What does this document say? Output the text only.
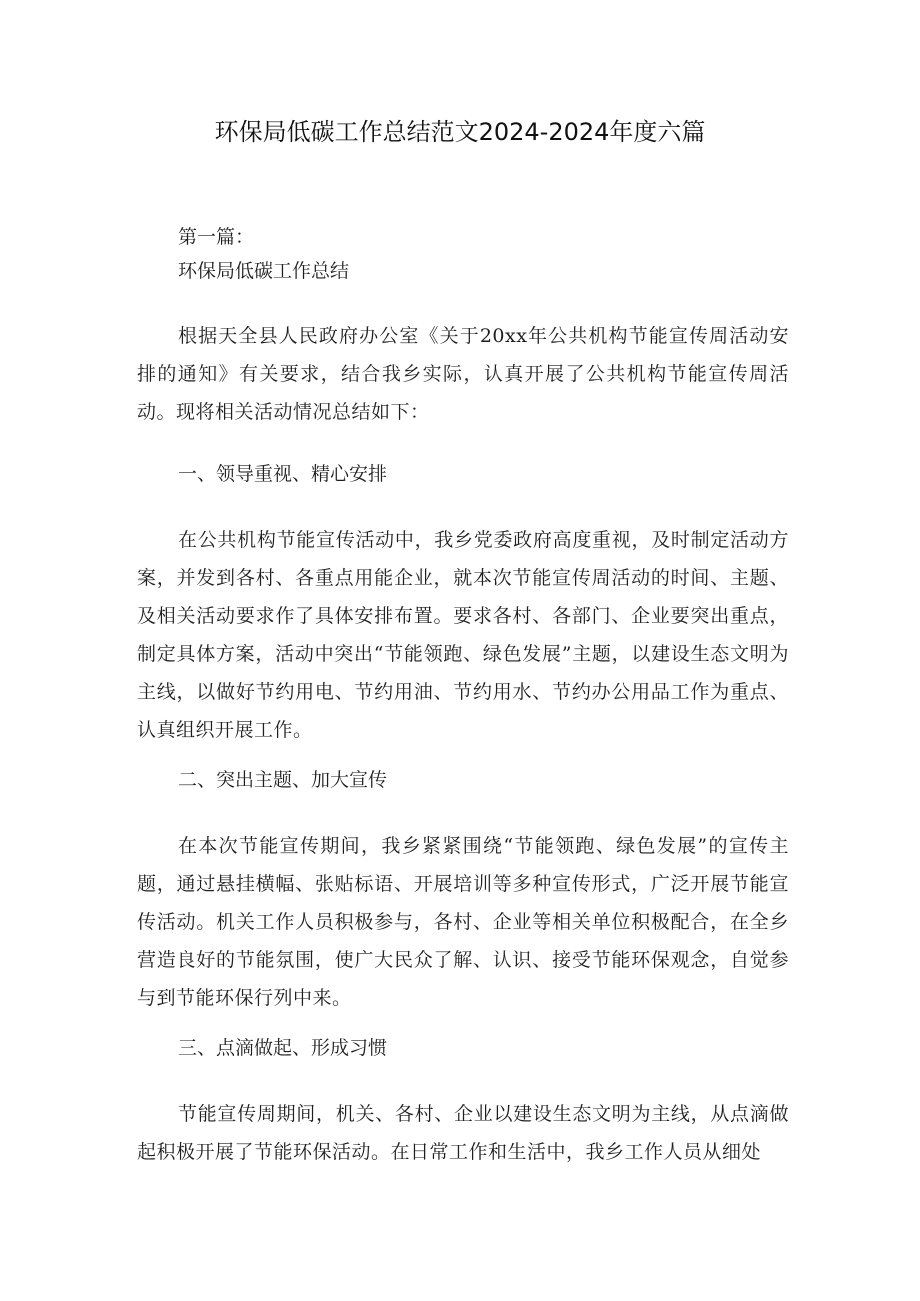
环保局低碳工作总结范文2024-2024年度六篇
第一篇：
环保局低碳工作总结

根据天全县人民政府办公室《关于20xx年公共机构节能宣传周活动安排的通知》有关要求，结合我乡实际，认真开展了公共机构节能宣传周活动。现将相关活动情况总结如下：

一、领导重视、精心安排

在公共机构节能宣传活动中，我乡党委政府高度重视，及时制定活动方案，并发到各村、各重点用能企业，就本次节能宣传周活动的时间、主题、及相关活动要求作了具体安排布置。要求各村、各部门、企业要突出重点，制定具体方案，活动中突出“节能领跑、绿色发展”主题，以建设生态文明为主线，以做好节约用电、节约用油、节约用水、节约办公用品工作为重点、认真组织开展工作。

二、突出主题、加大宣传

在本次节能宣传期间，我乡紧紧围绕“节能领跑、绿色发展”的宣传主题，通过悬挂横幅、张贴标语、开展培训等多种宣传形式，广泛开展节能宣传活动。机关工作人员积极参与，各村、企业等相关单位积极配合，在全乡营造良好的节能氛围，使广大民众了解、认识、接受节能环保观念，自觉参与到节能环保行列中来。

三、点滴做起、形成习惯

节能宣传周期间，机关、各村、企业以建设生态文明为主线，从点滴做起积极开展了节能环保活动。在日常工作和生活中，我乡工作人员从细处
